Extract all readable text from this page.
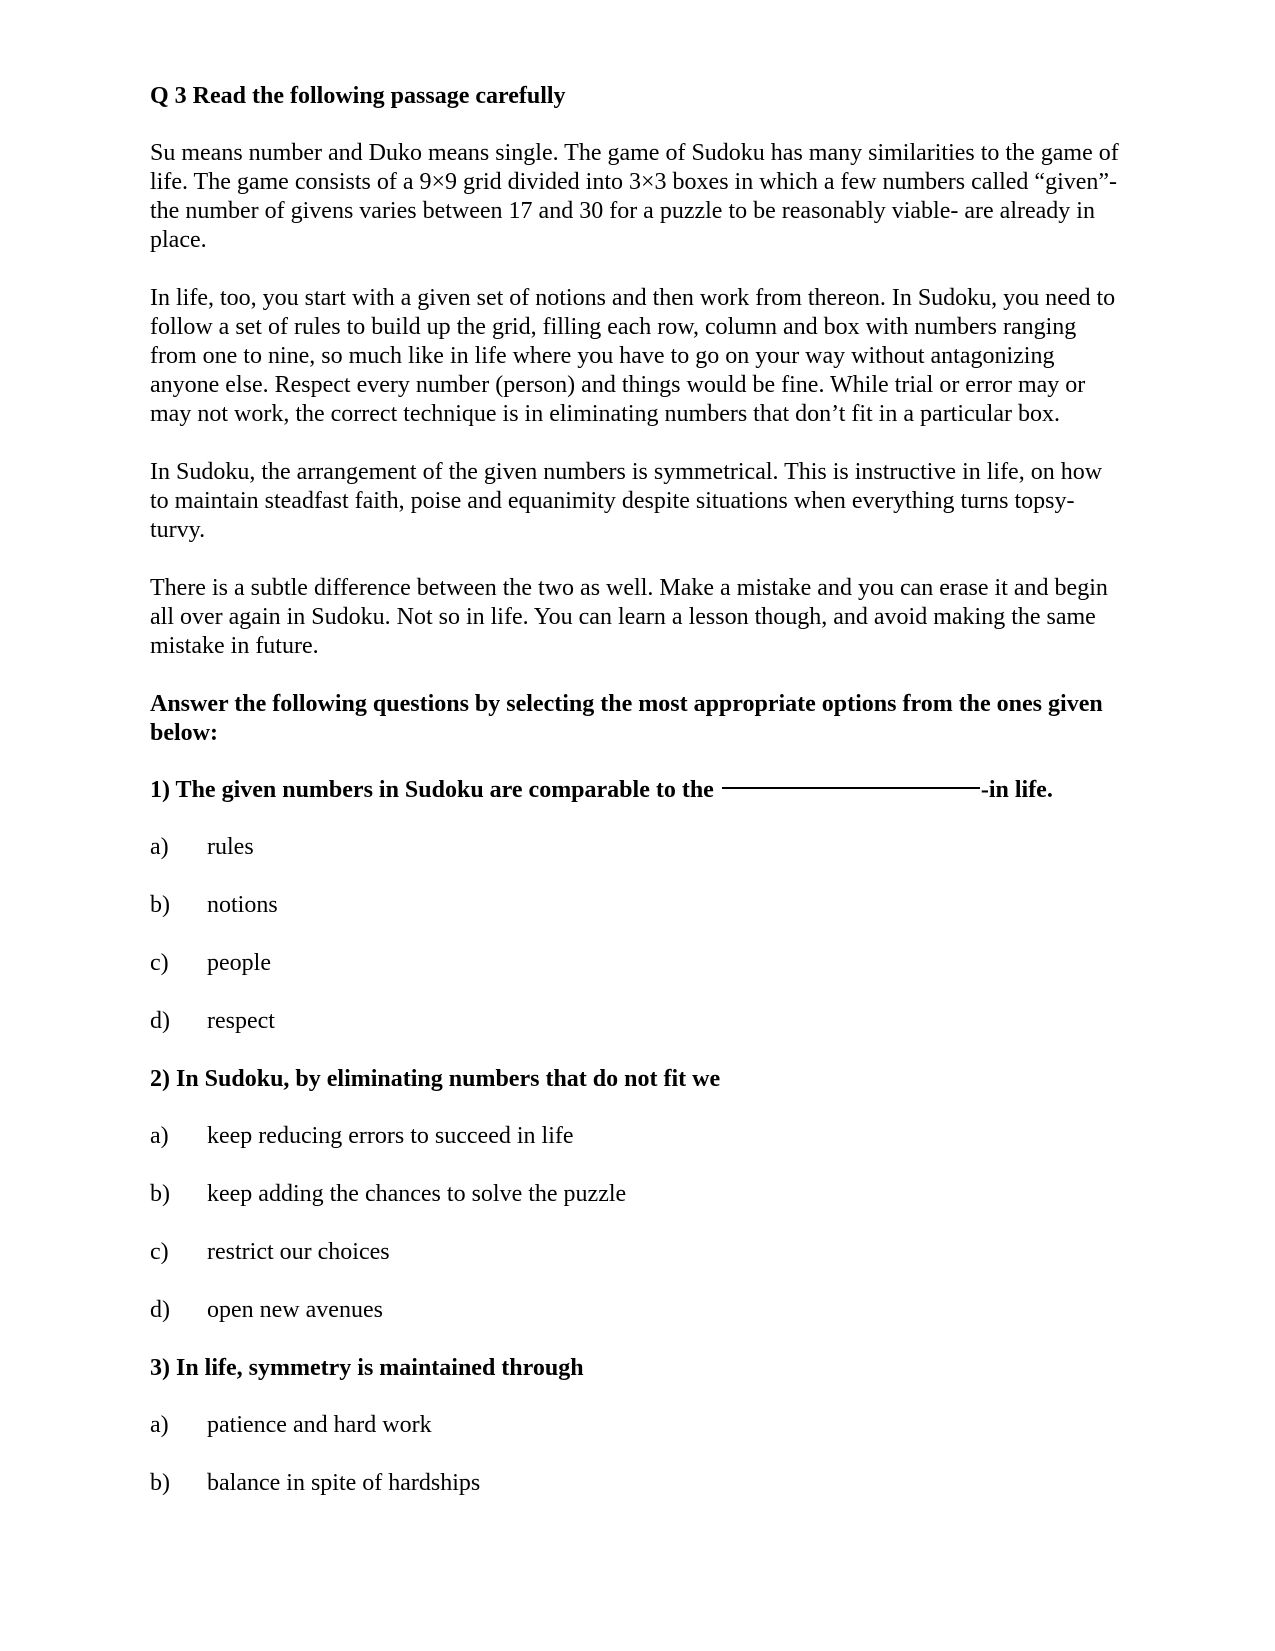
Q 3 Read the following passage carefully

Su means number and Duko means single. The game of Sudoku has many similarities to the game of life. The game consists of a 9×9 grid divided into 3×3 boxes in which a few numbers called “given”- the number of givens varies between 17 and 30 for a puzzle to be reasonably viable- are already in place.

In life, too, you start with a given set of notions and then work from thereon. In Sudoku, you need to follow a set of rules to build up the grid, filling each row, column and box with numbers ranging from one to nine, so much like in life where you have to go on your way without antagonizing anyone else. Respect every number (person) and things would be fine. While trial or error may or may not work, the correct technique is in eliminating numbers that don’t fit in a particular box.

In Sudoku, the arrangement of the given numbers is symmetrical. This is instructive in life, on how to maintain steadfast faith, poise and equanimity despite situations when everything turns topsy-turvy.

There is a subtle difference between the two as well. Make a mistake and you can erase it and begin all over again in Sudoku. Not so in life. You can learn a lesson though, and avoid making the same mistake in future.

Answer the following questions by selecting the most appropriate options from the ones given below:
1) The given numbers in Sudoku are comparable to the	-in life.
a)	rules
b)	notions
c)	people
d)	respect
2) In Sudoku, by eliminating numbers that do not fit we
a)	keep reducing errors to succeed in life
b)	keep adding the chances to solve the puzzle
c)	restrict our choices
d)	open new avenues
3) In life, symmetry is maintained through
a)	patience and hard work
b)	balance in spite of hardships
